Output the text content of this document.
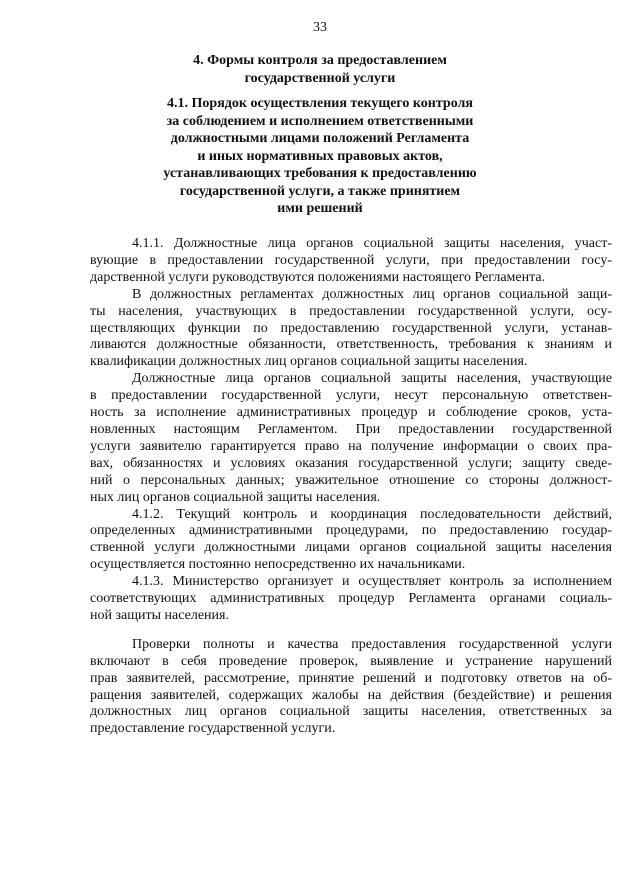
33
4. Формы контроля за предоставлением
государственной услуги
4.1. Порядок осуществления текущего контроля
за соблюдением и исполнением ответственными
должностными лицами положений Регламента
и иных нормативных правовых актов,
устанавливающих требования к предоставлению
государственной услуги, а также принятием
ими решений
4.1.1. Должностные лица органов социальной защиты населения, участ-
вующие в предоставлении государственной услуги, при предоставлении госу-
дарственной услуги руководствуются положениями настоящего Регламента.
В должностных регламентах должностных лиц органов социальной защи-
ты населения, участвующих в предоставлении государственной услуги, осу-
ществляющих функции по предоставлению государственной услуги, устанав-
ливаются должностные обязанности, ответственность, требования к знаниям и
квалификации должностных лиц органов социальной защиты населения.
Должностные лица органов социальной защиты населения, участвующие
в предоставлении государственной услуги, несут персональную ответствен-
ность за исполнение административных процедур и соблюдение сроков, уста-
новленных настоящим Регламентом. При предоставлении государственной
услуги заявителю гарантируется право на получение информации о своих пра-
вах, обязанностях и условиях оказания государственной услуги; защиту сведе-
ний о персональных данных; уважительное отношение со стороны должност-
ных лиц органов социальной защиты населения.
4.1.2. Текущий контроль и координация последовательности действий,
определенных административными процедурами, по предоставлению государ-
ственной услуги должностными лицами органов социальной защиты населения
осуществляется постоянно непосредственно их начальниками.
4.1.3. Министерство организует и осуществляет контроль за исполнением
соответствующих административных процедур Регламента органами социаль-
ной защиты населения.
Проверки полноты и качества предоставления государственной услуги
включают в себя проведение проверок, выявление и устранение нарушений
прав заявителей, рассмотрение, принятие решений и подготовку ответов на об-
ращения заявителей, содержащих жалобы на действия (бездействие) и решения
должностных лиц органов социальной защиты населения, ответственных за
предоставление государственной услуги.
